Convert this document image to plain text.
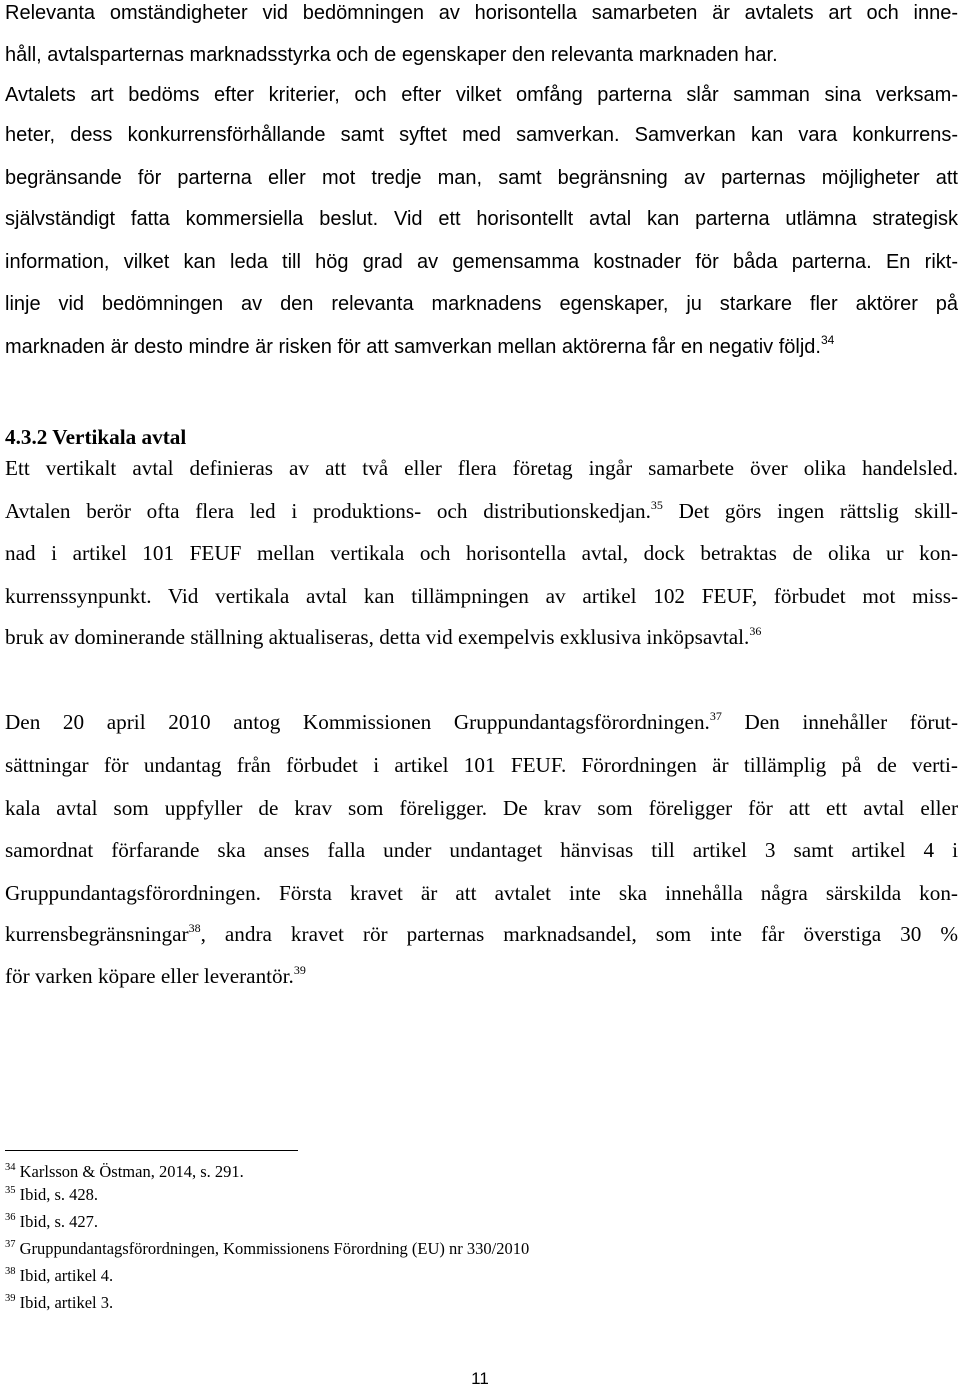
Relevanta omständigheter vid bedömningen av horisontella samarbeten är avtalets art och inne-
håll, avtalsparternas marknadsstyrka och de egenskaper den relevanta marknaden har.
Avtalets art bedöms efter kriterier, och efter vilket omfång parterna slår samman sina verksam-
heter, dess konkurrensförhållande samt syftet med samverkan. Samverkan kan vara konkurrens-
begränsande för parterna eller mot tredje man, samt begränsning av parternas möjligheter att
självständigt fatta kommersiella beslut. Vid ett horisontellt avtal kan parterna utlämna strategisk
information, vilket kan leda till hög grad av gemensamma kostnader för båda parterna. En rikt-
linje vid bedömningen av den relevanta marknadens egenskaper, ju starkare fler aktörer på
marknaden är desto mindre är risken för att samverkan mellan aktörerna får en negativ följd.$^{34}$
4.3.2 Vertikala avtal
Ett vertikalt avtal definieras av att två eller flera företag ingår samarbete över olika handelsled.
Avtalen berör ofta flera led i produktions- och distributionskedjan.$^{35}$ Det görs ingen rättslig skill-
nad i artikel 101 FEUF mellan vertikala och horisontella avtal, dock betraktas de olika ur kon-
kurrenssynpunkt. Vid vertikala avtal kan tillämpningen av artikel 102 FEUF, förbudet mot miss-
bruk av dominerande ställning aktualiseras, detta vid exempelvis exklusiva inköpsavtal.$^{36}$
Den 20 april 2010 antog Kommissionen Gruppundantagsförordningen.$^{37}$ Den innehåller förut-
sättningar för undantag från förbudet i artikel 101 FEUF. Förordningen är tillämplig på de verti-
kala avtal som uppfyller de krav som föreligger. De krav som föreligger för att ett avtal eller
samordnat förfarande ska anses falla under undantaget hänvisas till artikel 3 samt artikel 4 i
Gruppundantagsförordningen. Första kravet är att avtalet inte ska innehålla några särskilda kon-
kurrensbegränsningar$^{38}$, andra kravet rör parternas marknadsandel, som inte får överstiga 30 %
för varken köpare eller leverantör.$^{39}$
$^{34}$ Karlsson & Östman, 2014, s. 291.
$^{35}$ Ibid, s. 428.
$^{36}$ Ibid, s. 427.
$^{37}$ Gruppundantagsförordningen, Kommissionens Förordning (EU) nr 330/2010
$^{38}$ Ibid, artikel 4.
$^{39}$ Ibid, artikel 3.
11
